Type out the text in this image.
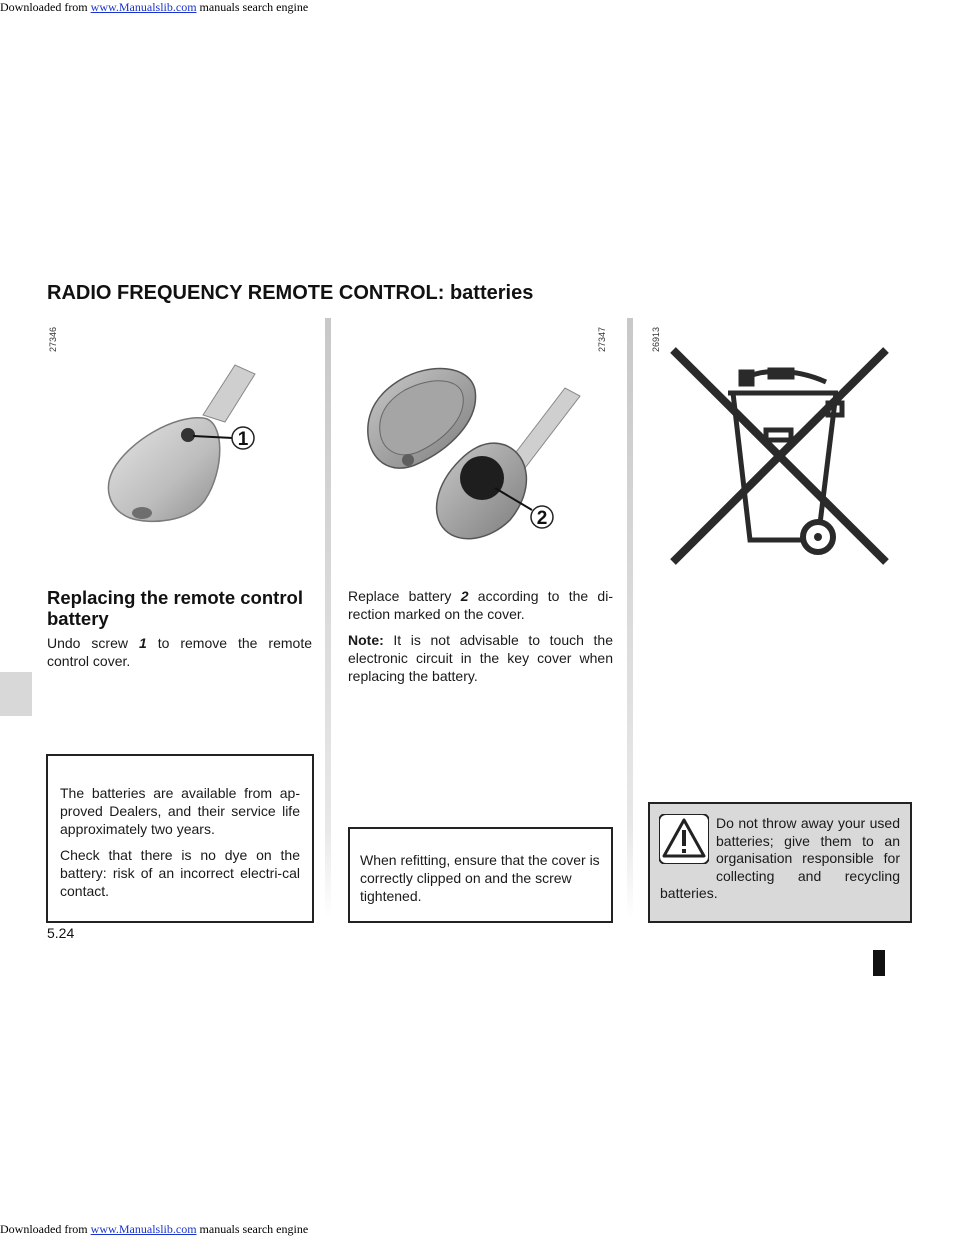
Downloaded from www.Manualslib.com manuals search engine
RADIO FREQUENCY REMOTE CONTROL: batteries
27346	27347	26913
1
2
Replacing the remote control battery

Undo screw 1 to remove the remote control cover.

Replace battery 2 according to the di-rection marked on the cover.

Note: It is not advisable to touch the electronic circuit in the key cover when replacing the battery.

The batteries are available from ap-proved Dealers, and their service life approximately two years.

Check that there is no dye on the battery: risk of an incorrect electri-cal contact.

When refitting, ensure that the cover is correctly clipped on and the screw tightened.

Do not throw away your used batteries; give them to an organisation responsible for collecting and recycling batteries.
5.24
Downloaded from www.Manualslib.com manuals search engine
